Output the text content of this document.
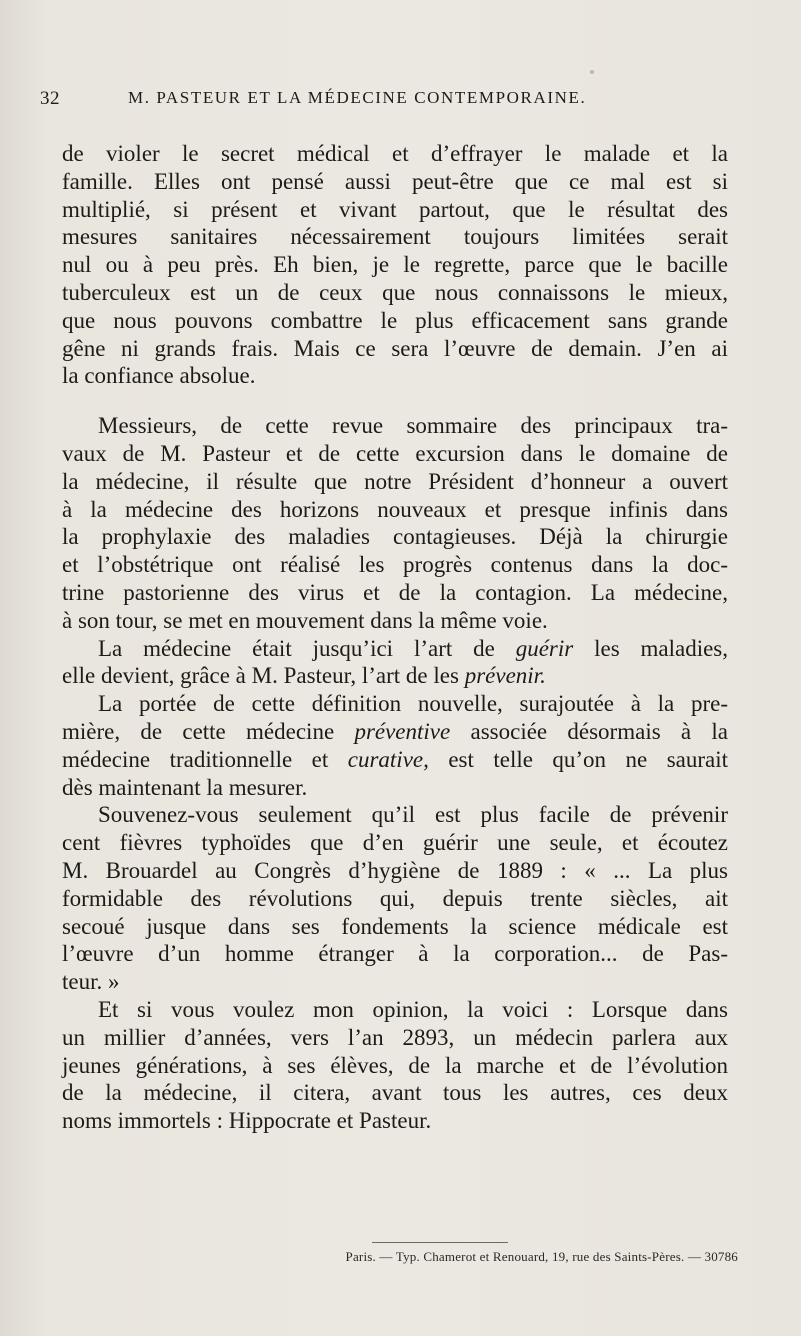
32	M. PASTEUR ET LA MÉDECINE CONTEMPORAINE.
de violer le secret médical et d’effrayer le malade et la
famille. Elles ont pensé aussi peut-être que ce mal est si
multiplié, si présent et vivant partout, que le résultat des
mesures sanitaires nécessairement toujours limitées serait
nul ou à peu près. Eh bien, je le regrette, parce que le bacille
tuberculeux est un de ceux que nous connaissons le mieux,
que nous pouvons combattre le plus efficacement sans grande
gêne ni grands frais. Mais ce sera l’œuvre de demain. J’en ai
la confiance absolue.
Messieurs, de cette revue sommaire des principaux tra-
vaux de M. Pasteur et de cette excursion dans le domaine de
la médecine, il résulte que notre Président d’honneur a ouvert
à la médecine des horizons nouveaux et presque infinis dans
la prophylaxie des maladies contagieuses. Déjà la chirurgie
et l’obstétrique ont réalisé les progrès contenus dans la doc-
trine pastorienne des virus et de la contagion. La médecine,
à son tour, se met en mouvement dans la même voie.
La médecine était jusqu’ici l’art de guérir les maladies,
elle devient, grâce à M. Pasteur, l’art de les prévenir.
La portée de cette définition nouvelle, surajoutée à la pre-
mière, de cette médecine préventive associée désormais à la
médecine traditionnelle et curative, est telle qu’on ne saurait
dès maintenant la mesurer.
Souvenez-vous seulement qu’il est plus facile de prévenir
cent fièvres typhoïdes que d’en guérir une seule, et écoutez
M. Brouardel au Congrès d’hygiène de 1889 : « ... La plus
formidable des révolutions qui, depuis trente siècles, ait
secoué jusque dans ses fondements la science médicale est
l’œuvre d’un homme étranger à la corporation... de Pas-
teur. »
Et si vous voulez mon opinion, la voici : Lorsque dans
un millier d’années, vers l’an 2893, un médecin parlera aux
jeunes générations, à ses élèves, de la marche et de l’évolution
de la médecine, il citera, avant tous les autres, ces deux
noms immortels : Hippocrate et Pasteur.
Paris. — Typ. Chamerot et Renouard, 19, rue des Saints-Pères. — 30786
